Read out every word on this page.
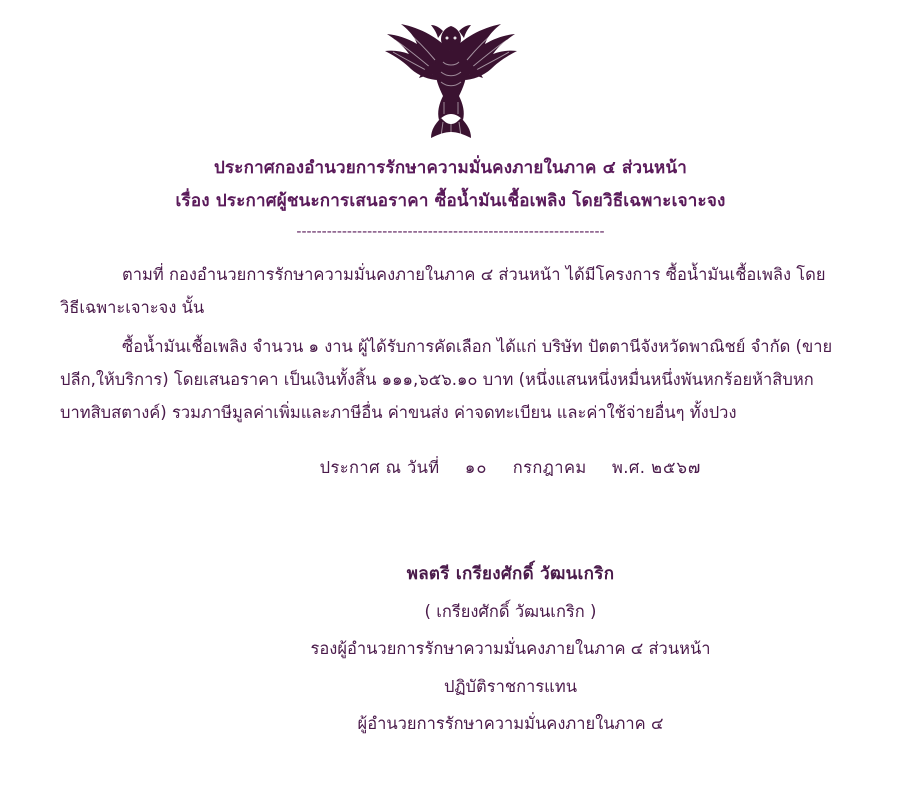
ประกาศกองอำนวยการรักษาความมั่นคงภายในภาค ๔ ส่วนหน้า
เรื่อง ประกาศผู้ชนะการเสนอราคา ซื้อน้ำมันเชื้อเพลิง โดยวิธีเฉพาะเจาะจง
-------------------------------------------------------------

ตามที่ กองอำนวยการรักษาความมั่นคงภายในภาค ๔ ส่วนหน้า ได้มีโครงการ ซื้อน้ำมันเชื้อเพลิง โดยวิธีเฉพาะเจาะจง นั้น

ซื้อน้ำมันเชื้อเพลิง จำนวน ๑ งาน ผู้ได้รับการคัดเลือก ได้แก่ บริษัท ปัตตานีจังหวัดพาณิชย์ จำกัด (ขายปลีก,ให้บริการ) โดยเสนอราคา เป็นเงินทั้งสิ้น ๑๑๑,๖๕๖.๑๐ บาท (หนึ่งแสนหนึ่งหมื่นหนึ่งพันหกร้อยห้าสิบหกบาทสิบสตางค์) รวมภาษีมูลค่าเพิ่มและภาษีอื่น ค่าขนส่ง ค่าจดทะเบียน และค่าใช้จ่ายอื่นๆ ทั้งปวง

ประกาศ ณ วันที่ ๑๐ กรกฎาคม พ.ศ. ๒๕๖๗
พลตรี เกรียงศักดิ์ วัฒนเกริก
( เกรียงศักดิ์ วัฒนเกริก )
รองผู้อำนวยการรักษาความมั่นคงภายในภาค ๔ ส่วนหน้า
ปฏิบัติราชการแทน
ผู้อำนวยการรักษาความมั่นคงภายในภาค ๔
